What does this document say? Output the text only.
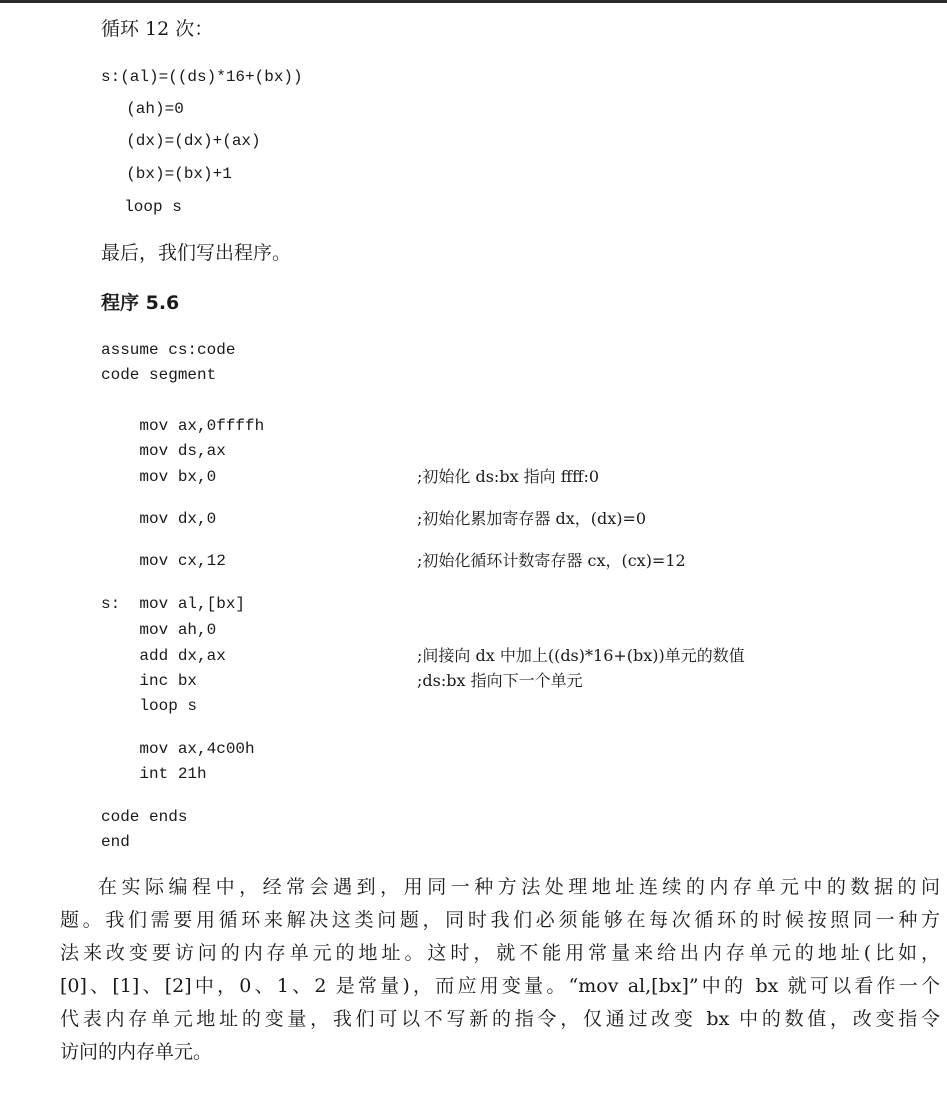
循环 12 次：
s:(al)=((ds)*16+(bx))
(ah)=0
(dx)=(dx)+(ax)
(bx)=(bx)+1
loop s
最后，我们写出程序。
程序 5.6
assume cs:code
code segment
mov ax,0ffffh
mov ds,ax
mov bx,0	;初始化 ds:bx 指向 ffff:0
mov dx,0	;初始化累加寄存器 dx，(dx)=0
mov cx,12	;初始化循环计数寄存器 cx，(cx)=12
s:  mov al,[bx]
mov ah,0
add dx,ax	;间接向 dx 中加上((ds)*16+(bx))单元的数值
inc bx	;ds:bx 指向下一个单元
loop s
mov ax,4c00h
int 21h
code ends
end
在实际编程中，经常会遇到，用同一种方法处理地址连续的内存单元中的数据的问
题。我们需要用循环来解决这类问题，同时我们必须能够在每次循环的时候按照同一种方
法来改变要访问的内存单元的地址。这时，就不能用常量来给出内存单元的地址(比如，
[0]、[1]、[2]中，0、1、2 是常量)，而应用变量。“mov al,[bx]”中的 bx 就可以看作一个
代表内存单元地址的变量，我们可以不写新的指令，仅通过改变 bx 中的数值，改变指令
访问的内存单元。
